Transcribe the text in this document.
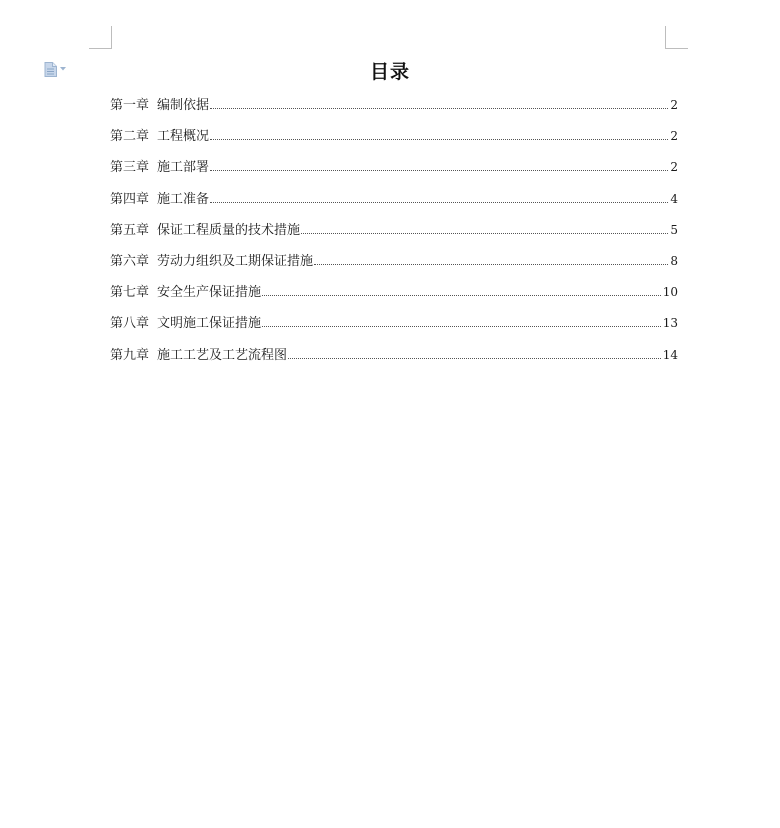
目录
第一章 编制依据	2
第二章 工程概况	2
第三章 施工部署	2
第四章 施工准备	4
第五章 保证工程质量的技术措施	5
第六章 劳动力组织及工期保证措施	8
第七章 安全生产保证措施	10
第八章 文明施工保证措施	13
第九章 施工工艺及工艺流程图	14
